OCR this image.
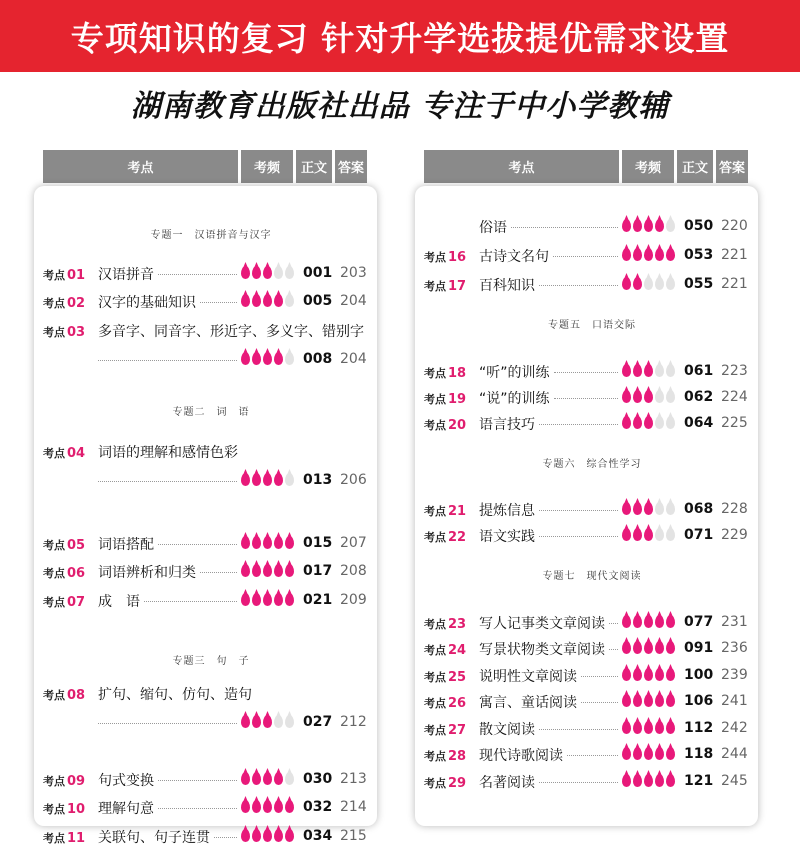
专项知识的复习 针对升学选拔提优需求设置
湖南教育出版社出品 专注于中小学教辅
考点	考频	正文 答案
专题一　汉语拼音与汉字
考点 01 汉语拼音	001 203
考点 02 汉字的基础知识	005 204
考点 03 多音字、同音字、形近字、多义字、错别字
008 204
专题二　词　语
考点 04 词语的理解和感情色彩
013 206
考点 05 词语搭配	015 207
考点 06 词语辨析和归类	017 208
考点 07 成　语	021 209
专题三　句　子
考点 08 扩句、缩句、仿句、造句
027 212
考点 09 句式变换	030 213
考点 10 理解句意	032 214
考点 11 关联句、句子连贯	034 215
考点	考频	正文 答案
俗语	050 220
考点 16 古诗文名句	053 221
考点 17 百科知识	055 221
专题五　口语交际
考点 18 “听”的训练	061 223
考点 19 “说”的训练	062 224
考点 20 语言技巧	064 225
专题六　综合性学习
考点 21 提炼信息	068 228
考点 22 语文实践	071 229
专题七　现代文阅读
考点 23 写人记事类文章阅读	077 231
考点 24 写景状物类文章阅读	091 236
考点 25 说明性文章阅读	100 239
考点 26 寓言、童话阅读	106 241
考点 27 散文阅读	112 242
考点 28 现代诗歌阅读	118 244
考点 29 名著阅读	121 245
